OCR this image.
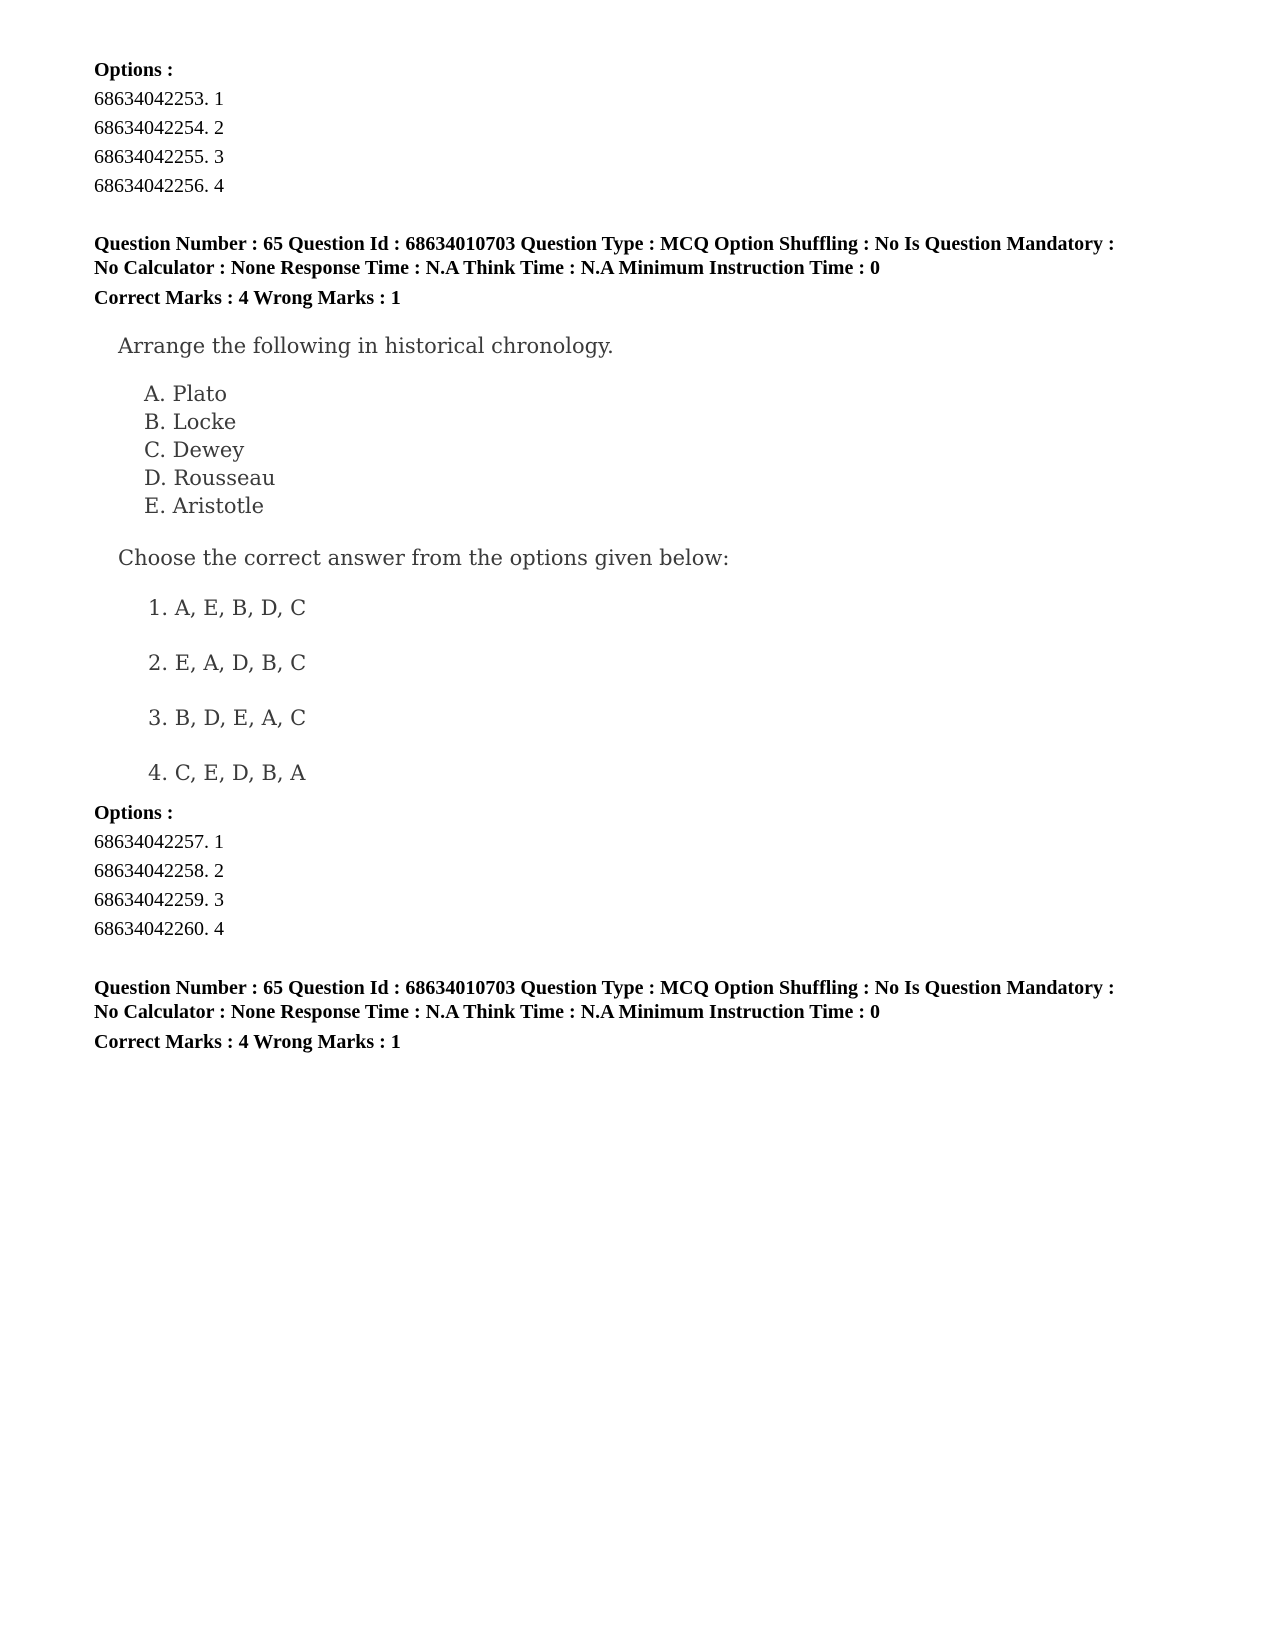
Options :
68634042253. 1
68634042254. 2
68634042255. 3
68634042256. 4
Question Number : 65 Question Id : 68634010703 Question Type : MCQ Option Shuffling : No Is Question Mandatory :
No Calculator : None Response Time : N.A Think Time : N.A Minimum Instruction Time : 0
Correct Marks : 4 Wrong Marks : 1
Arrange the following in historical chronology.
A. Plato
B. Locke
C. Dewey
D. Rousseau
E. Aristotle
Choose the correct answer from the options given below:
1. A, E, B, D, C
2. E, A, D, B, C
3. B, D, E, A, C
4. C, E, D, B, A
Options :
68634042257. 1
68634042258. 2
68634042259. 3
68634042260. 4
Question Number : 65 Question Id : 68634010703 Question Type : MCQ Option Shuffling : No Is Question Mandatory :
No Calculator : None Response Time : N.A Think Time : N.A Minimum Instruction Time : 0
Correct Marks : 4 Wrong Marks : 1
